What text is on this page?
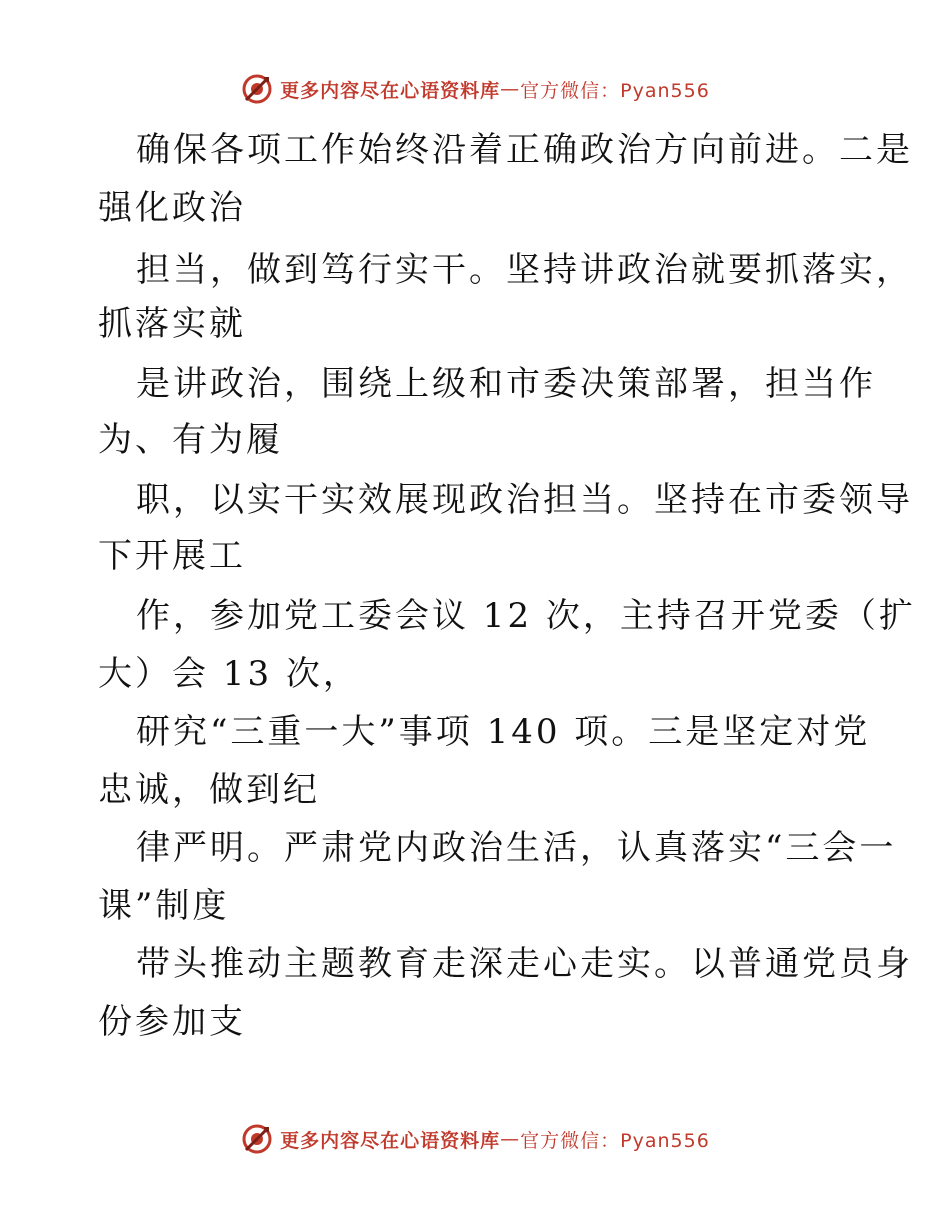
更多内容尽在心语资料库 — 官方微信：Pyan556
确保各项工作始终沿着正确政治方向前进。二是
强化政治
担当，做到笃行实干。坚持讲政治就要抓落实，
抓落实就
是讲政治，围绕上级和市委决策部署，担当作
为、有为履
职，以实干实效展现政治担当。坚持在市委领导
下开展工
作，参加党工委会议 12 次，主持召开党委（扩
大）会 13 次，
研究“三重一大”事项 140 项。三是坚定对党
忠诚，做到纪
律严明。严肃党内政治生活，认真落实“三会一
课”制度
带头推动主题教育走深走心走实。以普通党员身
份参加支
更多内容尽在心语资料库 — 官方微信：Pyan556
